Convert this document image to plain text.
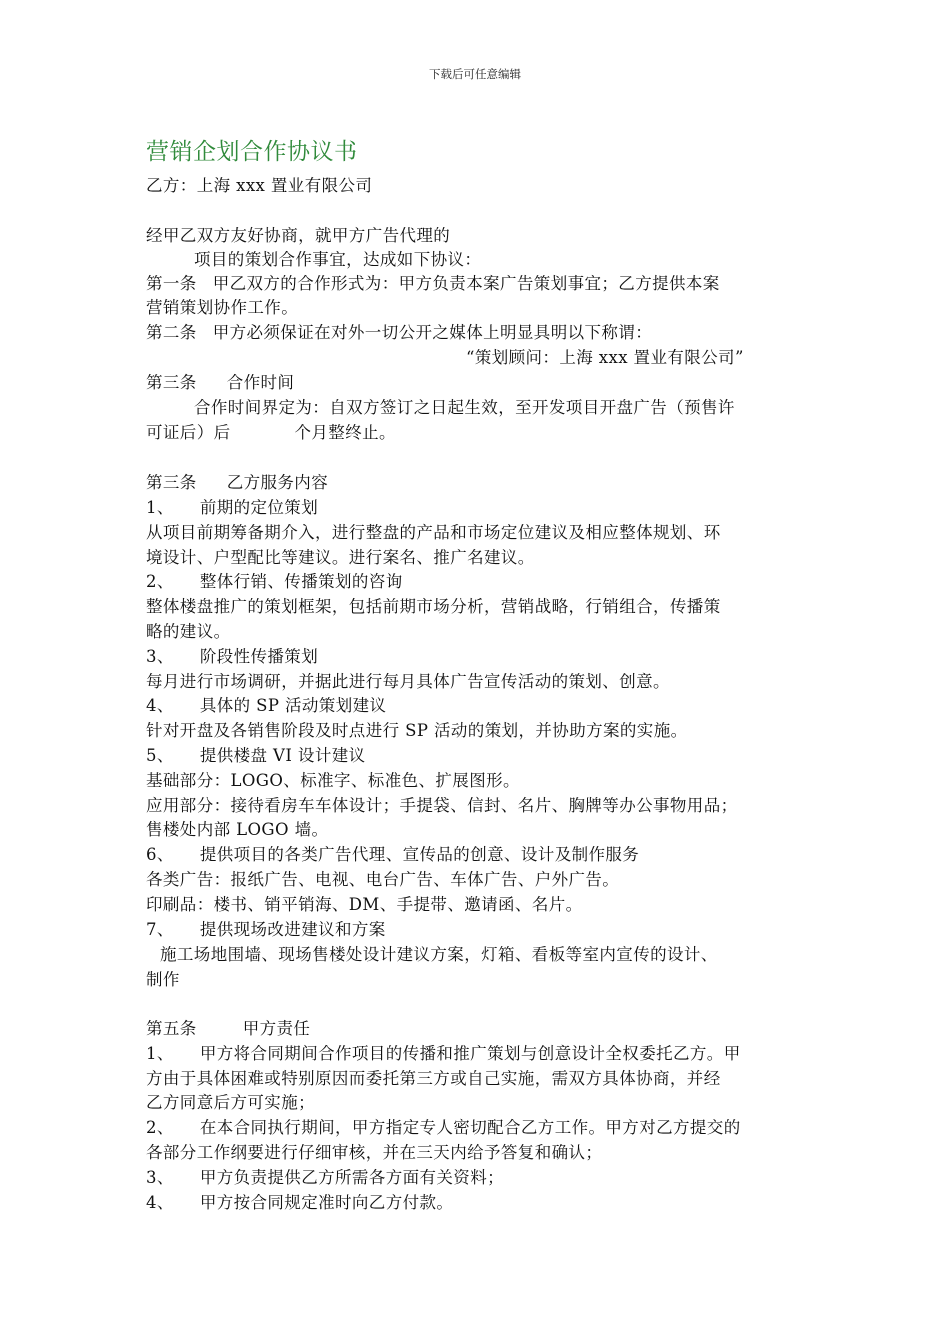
下载后可任意编辑
营销企划合作协议书
乙方：上海 xxx 置业有限公司
经甲乙双方友好协商，就甲方广告代理的
项目的策划合作事宜，达成如下协议：
第一条 甲乙双方的合作形式为：甲方负责本案广告策划事宜；乙方提供本案
营销策划协作工作。
第二条 甲方必须保证在对外一切公开之媒体上明显具明以下称谓：
“策划顾问：上海 xxx 置业有限公司”
第三条 合作时间
合作时间界定为：自双方签订之日起生效，至开发项目开盘广告（预售许
可证后）后	个月整终止。
第三条 乙方服务内容
1、 前期的定位策划
从项目前期筹备期介入，进行整盘的产品和市场定位建议及相应整体规划、环
境设计、户型配比等建议。进行案名、推广名建议。
2、 整体行销、传播策划的咨询
整体楼盘推广的策划框架，包括前期市场分析，营销战略，行销组合，传播策
略的建议。
3、 阶段性传播策划
每月进行市场调研，并据此进行每月具体广告宣传活动的策划、创意。
4、 具体的 SP 活动策划建议
针对开盘及各销售阶段及时点进行 SP 活动的策划，并协助方案的实施。
5、 提供楼盘 VI 设计建议
基础部分：LOGO、标准字、标准色、扩展图形。
应用部分：接待看房车车体设计；手提袋、信封、名片、胸牌等办公事物用品；
售楼处内部 LOGO 墙。
6、 提供项目的各类广告代理、宣传品的创意、设计及制作服务
各类广告：报纸广告、电视、电台广告、车体广告、户外广告。
印刷品：楼书、销平销海、DM、手提带、邀请函、名片。
7、 提供现场改进建议和方案
施工场地围墙、现场售楼处设计建议方案，灯箱、看板等室内宣传的设计、
制作
第五条	甲方责任
1、 甲方将合同期间合作项目的传播和推广策划与创意设计全权委托乙方。甲
方由于具体困难或特别原因而委托第三方或自己实施，需双方具体协商，并经
乙方同意后方可实施；
2、 在本合同执行期间，甲方指定专人密切配合乙方工作。甲方对乙方提交的
各部分工作纲要进行仔细审核，并在三天内给予答复和确认；
3、 甲方负责提供乙方所需各方面有关资料；
4、 甲方按合同规定准时向乙方付款。
